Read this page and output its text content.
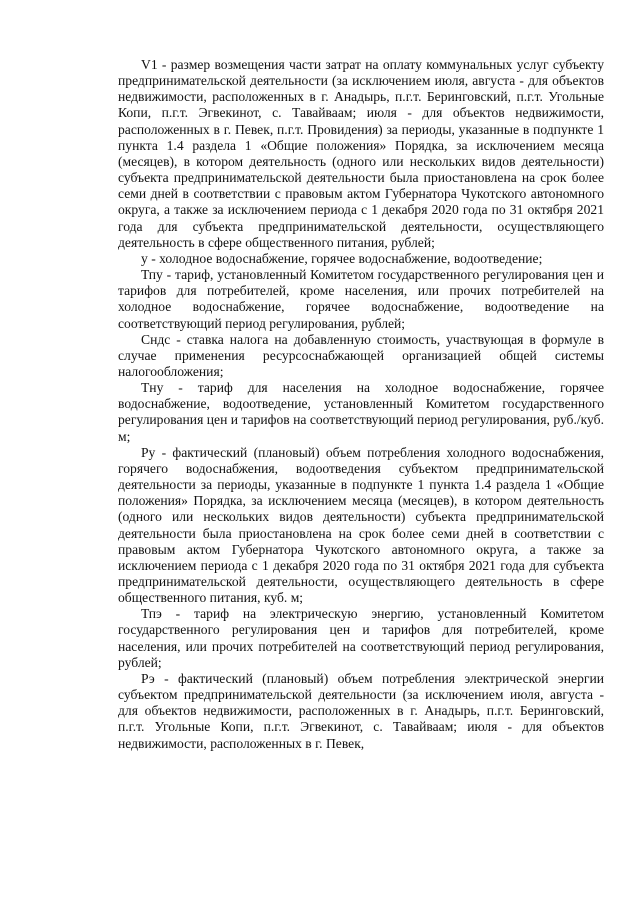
V1 - размер возмещения части затрат на оплату коммунальных услуг субъекту предпринимательской деятельности (за исключением июля, августа - для объектов недвижимости, расположенных в г. Анадырь, п.г.т. Беринговский, п.г.т. Угольные Копи, п.г.т. Эгвекинот, с. Тавайваам; июля - для объектов недвижимости, расположенных в г. Певек, п.г.т. Провидения) за периоды, указанные в подпункте 1 пункта 1.4 раздела 1 «Общие положения» Порядка, за исключением месяца (месяцев), в котором деятельность (одного или нескольких видов деятельности) субъекта предпринимательской деятельности была приостановлена на срок более семи дней в соответствии с правовым актом Губернатора Чукотского автономного округа, а также за исключением периода с 1 декабря 2020 года по 31 октября 2021 года для субъекта предпринимательской деятельности, осуществляющего деятельность в сфере общественного питания, рублей;

у - холодное водоснабжение, горячее водоснабжение, водоотведение;

Тпу - тариф, установленный Комитетом государственного регулирования цен и тарифов для потребителей, кроме населения, или прочих потребителей на холодное водоснабжение, горячее водоснабжение, водоотведение на соответствующий период регулирования, рублей;

Сндс - ставка налога на добавленную стоимость, участвующая в формуле в случае применения ресурсоснабжающей организацией общей системы налогообложения;

Тну - тариф для населения на холодное водоснабжение, горячее водоснабжение, водоотведение, установленный Комитетом государственного регулирования цен и тарифов на соответствующий период регулирования, руб./куб. м;

Ру - фактический (плановый) объем потребления холодного водоснабжения, горячего водоснабжения, водоотведения субъектом предпринимательской деятельности за периоды, указанные в подпункте 1 пункта 1.4 раздела 1 «Общие положения» Порядка, за исключением месяца (месяцев), в котором деятельность (одного или нескольких видов деятельности) субъекта предпринимательской деятельности была приостановлена на срок более семи дней в соответствии с правовым актом Губернатора Чукотского автономного округа, а также за исключением периода с 1 декабря 2020 года по 31 октября 2021 года для субъекта предпринимательской деятельности, осуществляющего деятельность в сфере общественного питания, куб. м;

Тпэ - тариф на электрическую энергию, установленный Комитетом государственного регулирования цен и тарифов для потребителей, кроме населения, или прочих потребителей на соответствующий период регулирования, рублей;

Рэ - фактический (плановый) объем потребления электрической энергии субъектом предпринимательской деятельности (за исключением июля, августа - для объектов недвижимости, расположенных в г. Анадырь, п.г.т. Беринговский, п.г.т. Угольные Копи, п.г.т. Эгвекинот, с. Тавайваам; июля - для объектов недвижимости, расположенных в г. Певек,
